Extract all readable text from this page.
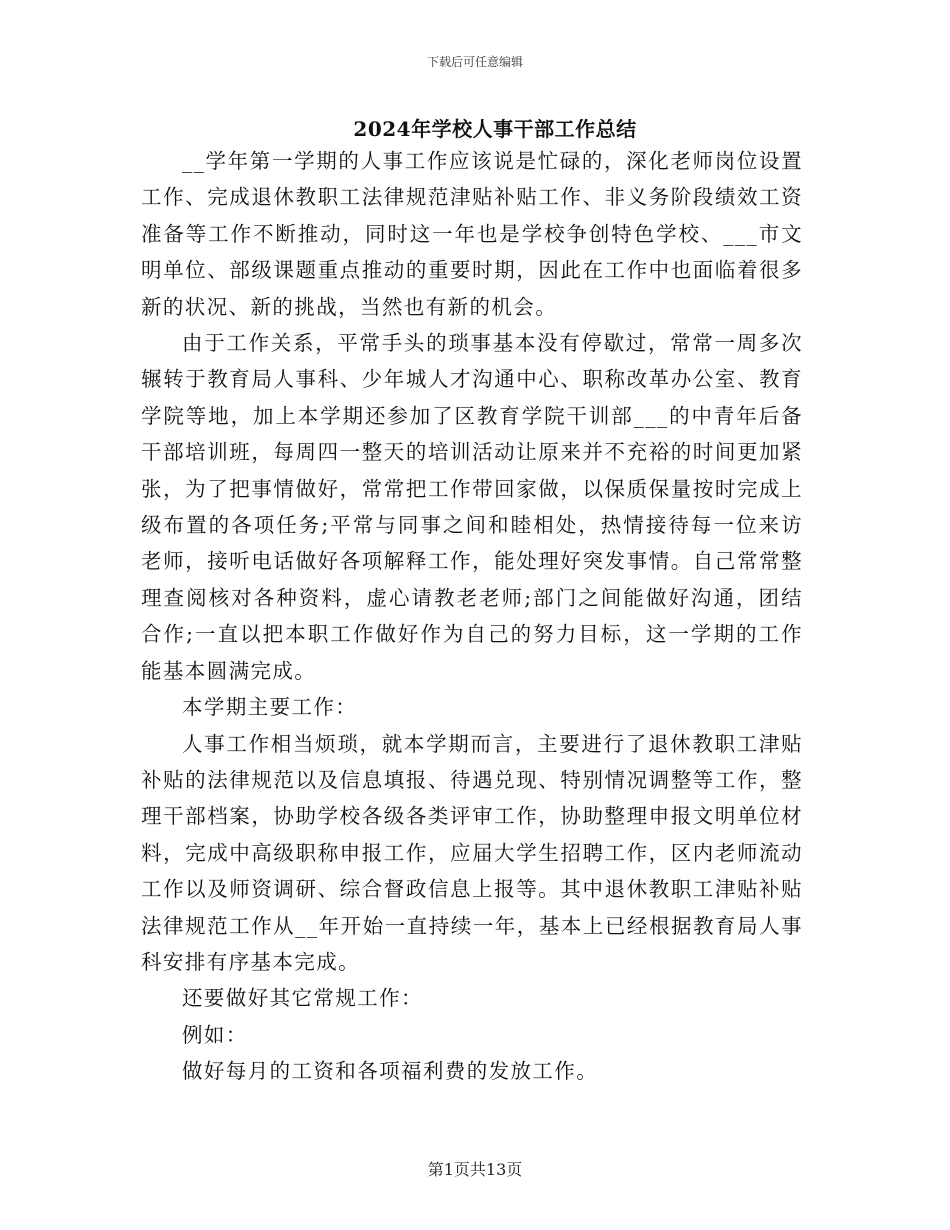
下载后可任意编辑
2024年学校人事干部工作总结

__学年第一学期的人事工作应该说是忙碌的，深化老师岗位设置工作、完成退休教职工法律规范津贴补贴工作、非义务阶段绩效工资准备等工作不断推动，同时这一年也是学校争创特色学校、___市文明单位、部级课题重点推动的重要时期，因此在工作中也面临着很多新的状况、新的挑战，当然也有新的机会。

由于工作关系，平常手头的琐事基本没有停歇过，常常一周多次辗转于教育局人事科、少年城人才沟通中心、职称改革办公室、教育学院等地，加上本学期还参加了区教育学院干训部___的中青年后备干部培训班，每周四一整天的培训活动让原来并不充裕的时间更加紧张，为了把事情做好，常常把工作带回家做，以保质保量按时完成上级布置的各项任务;平常与同事之间和睦相处，热情接待每一位来访老师，接听电话做好各项解释工作，能处理好突发事情。自己常常整理查阅核对各种资料，虚心请教老老师;部门之间能做好沟通，团结合作;一直以把本职工作做好作为自己的努力目标，这一学期的工作能基本圆满完成。

本学期主要工作：

人事工作相当烦琐，就本学期而言，主要进行了退休教职工津贴补贴的法律规范以及信息填报、待遇兑现、特别情况调整等工作，整理干部档案，协助学校各级各类评审工作，协助整理申报文明单位材料，完成中高级职称申报工作，应届大学生招聘工作，区内老师流动工作以及师资调研、综合督政信息上报等。其中退休教职工津贴补贴法律规范工作从__年开始一直持续一年，基本上已经根据教育局人事科安排有序基本完成。

还要做好其它常规工作：

例如：

做好每月的工资和各项福利费的发放工作。

第1页共13页
